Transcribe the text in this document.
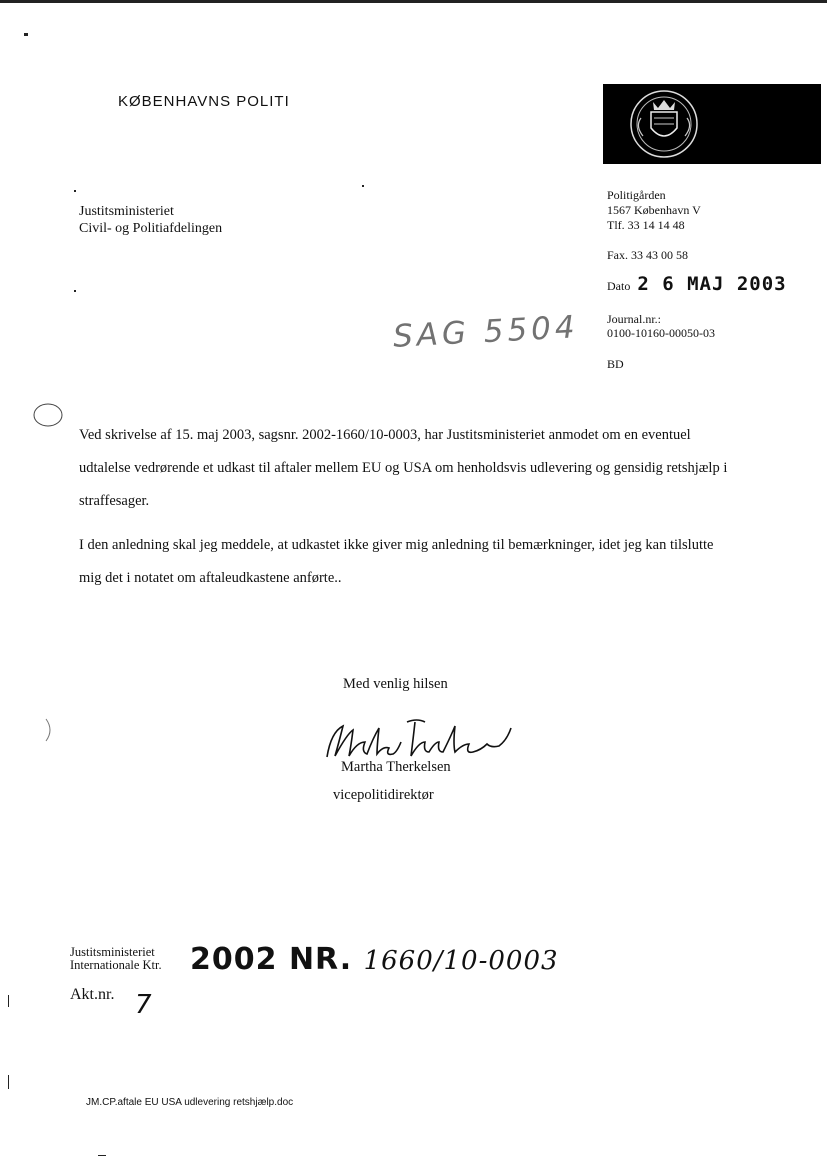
KØBENHAVNS POLITI
Justitsministeriet
Civil- og Politiafdelingen
Politigården
1567 København V
Tlf. 33 14 14 48
Fax. 33 43 00 58
Dato 2 6 MAJ 2003
Journal.nr.:
0100-10160-00050-03
BD
SAG 5504
Ved skrivelse af 15. maj 2003, sagsnr. 2002-1660/10-0003, har Justitsministeriet anmodet om en eventuel udtalelse vedrørende et udkast til aftaler mellem EU og USA om henholdsvis udlevering og gensidig retshjælp i straffesager.
I den anledning skal jeg meddele, at udkastet ikke giver mig anledning til bemærkninger, idet jeg kan tilslutte mig det i notatet om aftaleudkastene anførte..
Med venlig hilsen
Martha Therkelsen
vicepolitidirektør
Justitsministeriet
Internationale Ktr. 2002 NR. 1660/10-0003
Akt.nr. 7
JM.CP.aftale EU USA udlevering retshjælp.doc
